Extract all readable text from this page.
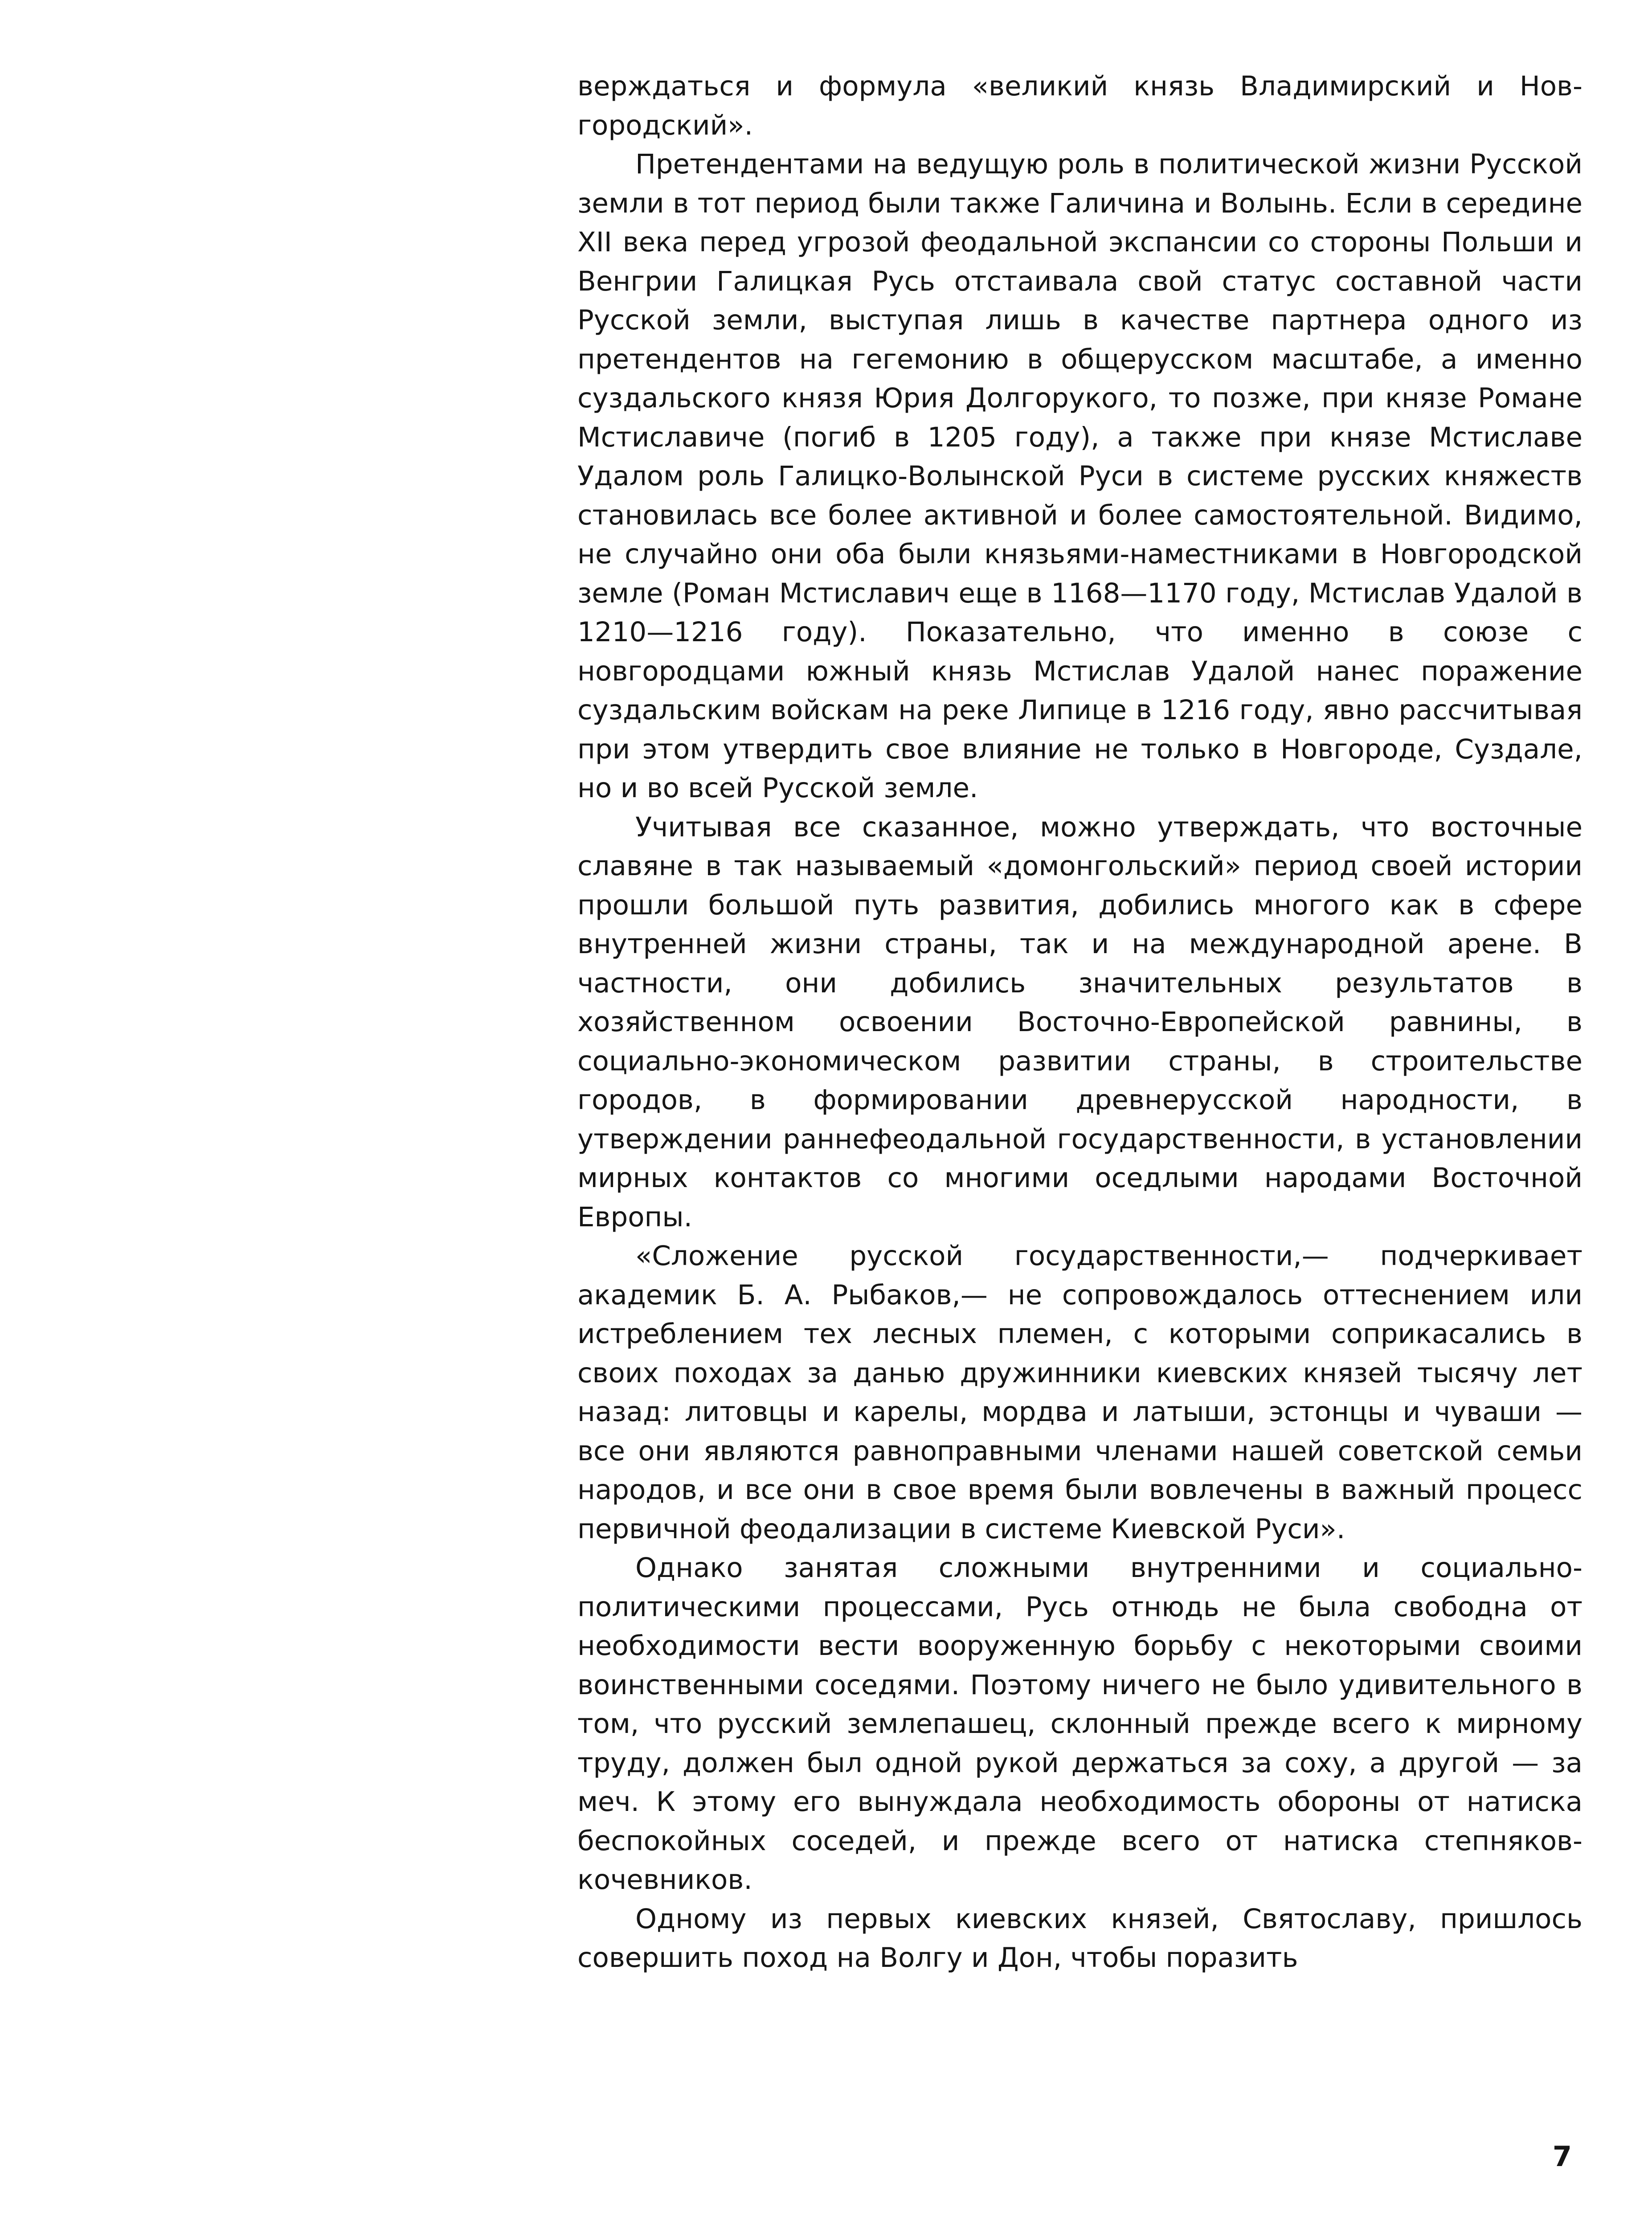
верждаться и формула «великий князь Владимирский и Новгородский».

Претендентами на ведущую роль в политической жизни Русской земли в тот период были также Галичина и Волынь. Если в середине XII века перед угрозой феодальной экспансии со стороны Польши и Венгрии Галицкая Русь отстаивала свой статус составной части Русской земли, выступая лишь в качестве партнера одного из претендентов на гегемонию в общерусском масштабе, а именно суздальского князя Юрия Долгорукого, то позже, при князе Романе Мстиславиче (погиб в 1205 году), а также при князе Мстиславе Удалом роль Галицко-Волынской Руси в системе русских княжеств становилась все более активной и более самостоятельной. Видимо, не случайно они оба были князьями-наместниками в Новгородской земле (Роман Мстиславич еще в 1168—1170 году, Мстислав Удалой в 1210—1216 году). Показательно, что именно в союзе с новгородцами южный князь Мстислав Удалой нанес поражение суздальским войскам на реке Липице в 1216 году, явно рассчитывая при этом утвердить свое влияние не только в Новгороде, Суздале, но и во всей Русской земле.

Учитывая все сказанное, можно утверждать, что восточные славяне в так называемый «домонгольский» период своей истории прошли большой путь развития, добились многого как в сфере внутренней жизни страны, так и на международной арене. В частности, они добились значительных результатов в хозяйственном освоении Восточно-Европейской равнины, в социально-экономическом развитии страны, в строительстве городов, в формировании древнерусской народности, в утверждении раннефеодальной государственности, в установлении мирных контактов со многими оседлыми народами Восточной Европы.

«Сложение русской государственности,— подчеркивает академик Б. А. Рыбаков,— не сопровождалось оттеснением или истреблением тех лесных племен, с которыми соприкасались в своих походах за данью дружинники киевских князей тысячу лет назад: литовцы и карелы, мордва и латыши, эстонцы и чуваши — все они являются равноправными членами нашей советской семьи народов, и все они в свое время были вовлечены в важный процесс первичной феодализации в системе Киевской Руси».

Однако занятая сложными внутренними и социально-политическими процессами, Русь отнюдь не была свободна от необходимости вести вооруженную борьбу с некоторыми своими воинственными соседями. Поэтому ничего не было удивительного в том, что русский землепашец, склонный прежде всего к мирному труду, должен был одной рукой держаться за соху, а другой — за меч. К этому его вынуждала необходимость обороны от натиска беспокойных соседей, и прежде всего от натиска степняков-кочевников.

Одному из первых киевских князей, Святославу, пришлось совершить поход на Волгу и Дон, чтобы поразить

7
